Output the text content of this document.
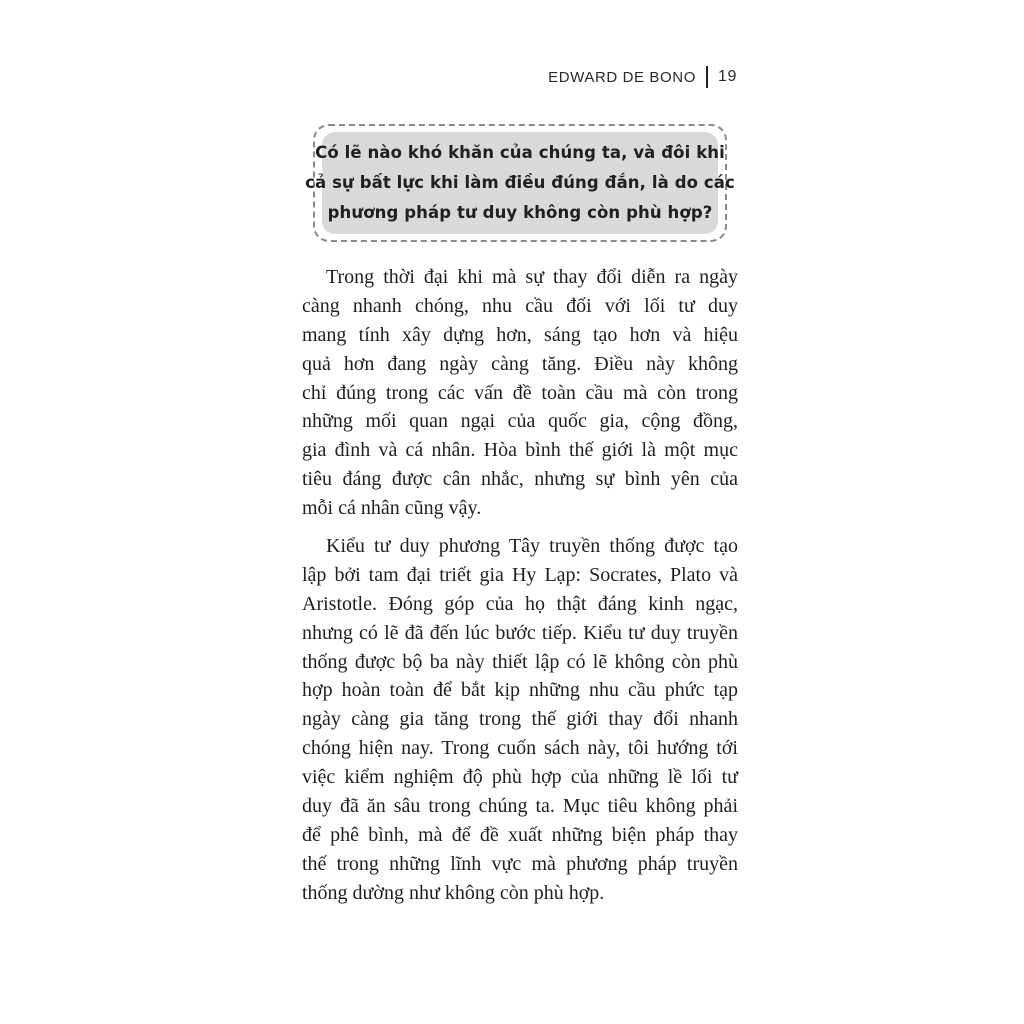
EDWARD DE BONO 19
Có lẽ nào khó khăn của chúng ta, và đôi khi
cả sự bất lực khi làm điều đúng đắn, là do các
phương pháp tư duy không còn phù hợp?
Trong thời đại khi mà sự thay đổi diễn ra ngày
càng nhanh chóng, nhu cầu đối với lối tư duy
mang tính xây dựng hơn, sáng tạo hơn và hiệu
quả hơn đang ngày càng tăng. Điều này không
chỉ đúng trong các vấn đề toàn cầu mà còn trong
những mối quan ngại của quốc gia, cộng đồng,
gia đình và cá nhân. Hòa bình thế giới là một mục
tiêu đáng được cân nhắc, nhưng sự bình yên của
mỗi cá nhân cũng vậy.
Kiểu tư duy phương Tây truyền thống được tạo
lập bởi tam đại triết gia Hy Lạp: Socrates, Plato và
Aristotle. Đóng góp của họ thật đáng kinh ngạc,
nhưng có lẽ đã đến lúc bước tiếp. Kiểu tư duy truyền
thống được bộ ba này thiết lập có lẽ không còn phù
hợp hoàn toàn để bắt kịp những nhu cầu phức tạp
ngày càng gia tăng trong thế giới thay đổi nhanh
chóng hiện nay. Trong cuốn sách này, tôi hướng tới
việc kiểm nghiệm độ phù hợp của những lề lối tư
duy đã ăn sâu trong chúng ta. Mục tiêu không phải
để phê bình, mà để đề xuất những biện pháp thay
thế trong những lĩnh vực mà phương pháp truyền
thống dường như không còn phù hợp.
